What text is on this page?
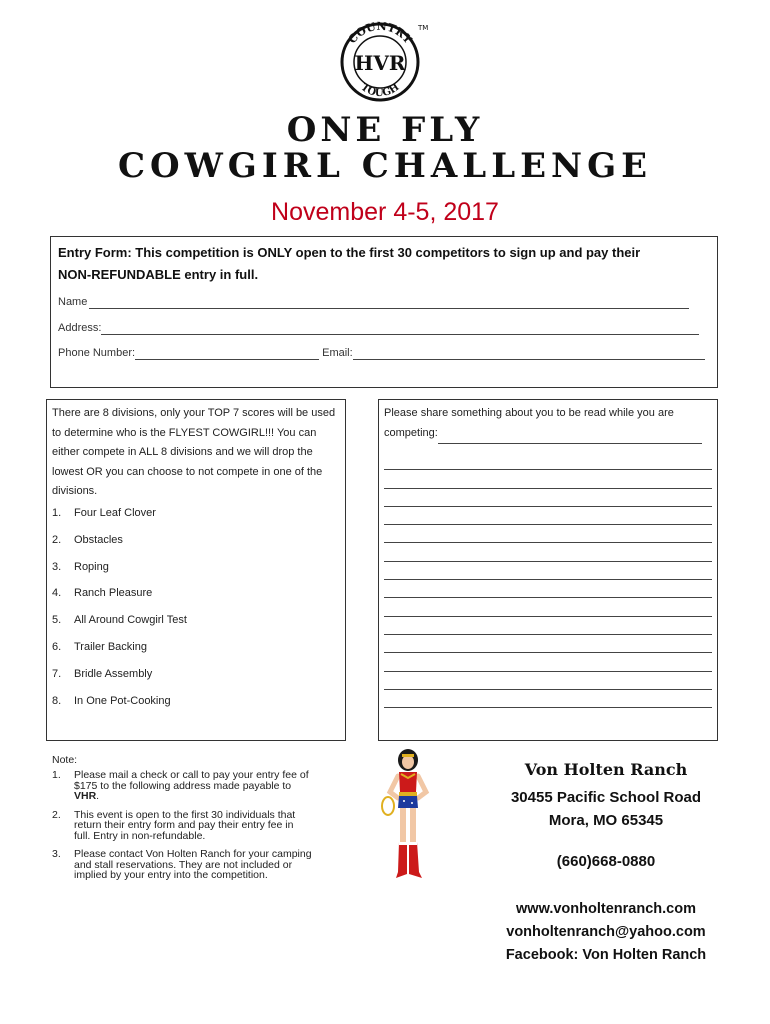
COUNTRY
TOUGH
HVR
TM
ONE FLY
COWGIRL CHALLENGE
November 4-5, 2017
Entry Form: This competition is ONLY open to the first 30 competitors to sign up and pay their
NON-REFUNDABLE entry in full.
Name
Address:
Phone Number:	Email:
There are 8 divisions, only your TOP 7 scores will be used to determine who is the FLYEST COWGIRL!!! You can either compete in ALL 8 divisions and we will drop the lowest OR you can choose to not compete in one of the divisions.
1.	Four Leaf Clover
2.	Obstacles
3.	Roping
4.	Ranch Pleasure
5.	All Around Cowgirl Test
6.	Trailer Backing
7.	Bridle Assembly
8.	In One Pot-Cooking
Please share something about you to be read while you are
competing:
Note:
1.	Please mail a check or call to pay your entry fee of $175 to the following address made payable to VHR.
2.	This event is open to the first 30 individuals that return their entry form and pay their entry fee in full. Entry in non-refundable.
3.	Please contact Von Holten Ranch for your camping and stall reservations. They are not included or implied by your entry into the competition.
Von Holten Ranch
30455 Pacific School Road
Mora, MO 65345
(660)668-0880
www.vonholtenranch.com
vonholtenranch@yahoo.com
Facebook: Von Holten Ranch
